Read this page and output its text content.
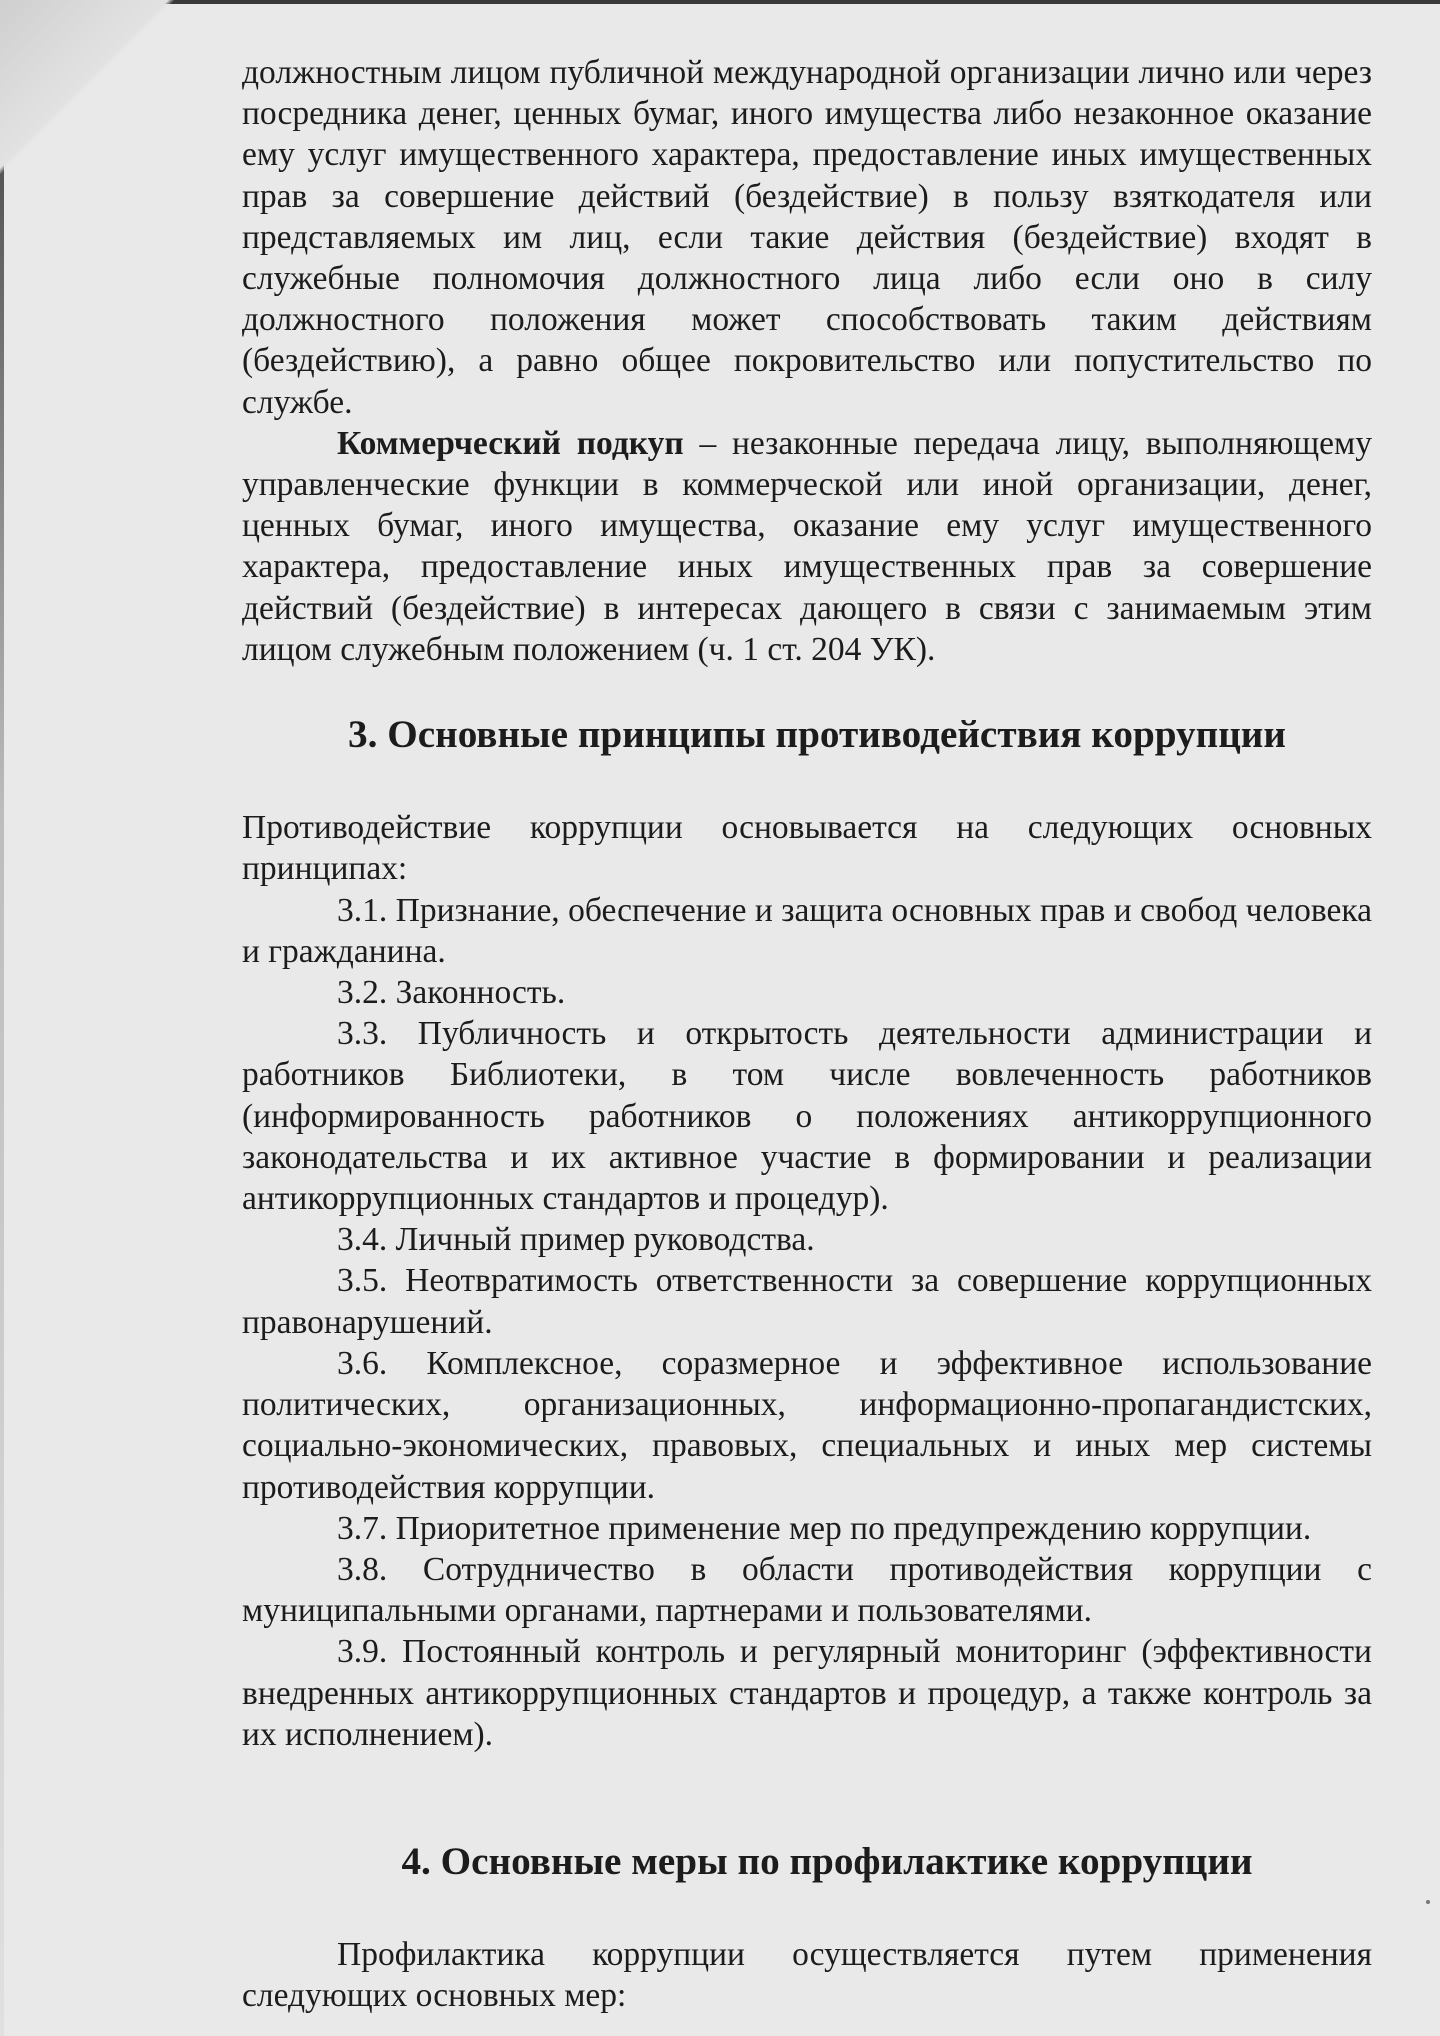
должностным лицом публичной международной организации лично или через посредника денег, ценных бумаг, иного имущества либо незаконное оказание ему услуг имущественного характера, предоставление иных имущественных прав за совершение действий (бездействие) в пользу взяткодателя или представляемых им лиц, если такие действия (бездействие) входят в служебные полномочия должностного лица либо если оно в силу должностного положения может способствовать таким действиям (бездействию), а равно общее покровительство или попустительство по службе.

Коммерческий подкуп – незаконные передача лицу, выполняющему управленческие функции в коммерческой или иной организации, денег, ценных бумаг, иного имущества, оказание ему услуг имущественного характера, предоставление иных имущественных прав за совершение действий (бездействие) в интересах дающего в связи с занимаемым этим лицом служебным положением (ч. 1 ст. 204 УК).

3. Основные принципы противодействия коррупции

Противодействие коррупции основывается на следующих основных принципах:

3.1. Признание, обеспечение и защита основных прав и свобод человека и гражданина.

3.2. Законность.

3.3. Публичность и открытость деятельности администрации и работников Библиотеки, в том числе вовлеченность работников (информированность работников о положениях антикоррупционного законодательства и их активное участие в формировании и реализации антикоррупционных стандартов и процедур).

3.4. Личный пример руководства.

3.5. Неотвратимость ответственности за совершение коррупционных правонарушений.

3.6. Комплексное, соразмерное и эффективное использование политических, организационных, информационно-пропагандистских, социально-экономических, правовых, специальных и иных мер системы противодействия коррупции.

3.7. Приоритетное применение мер по предупреждению коррупции.

3.8. Сотрудничество в области противодействия коррупции с муниципальными органами, партнерами и пользователями.

3.9. Постоянный контроль и регулярный мониторинг (эффективности внедренных антикоррупционных стандартов и процедур, а также контроль за их исполнением).

4. Основные меры по профилактике коррупции

Профилактика коррупции осуществляется путем применения следующих основных мер:
